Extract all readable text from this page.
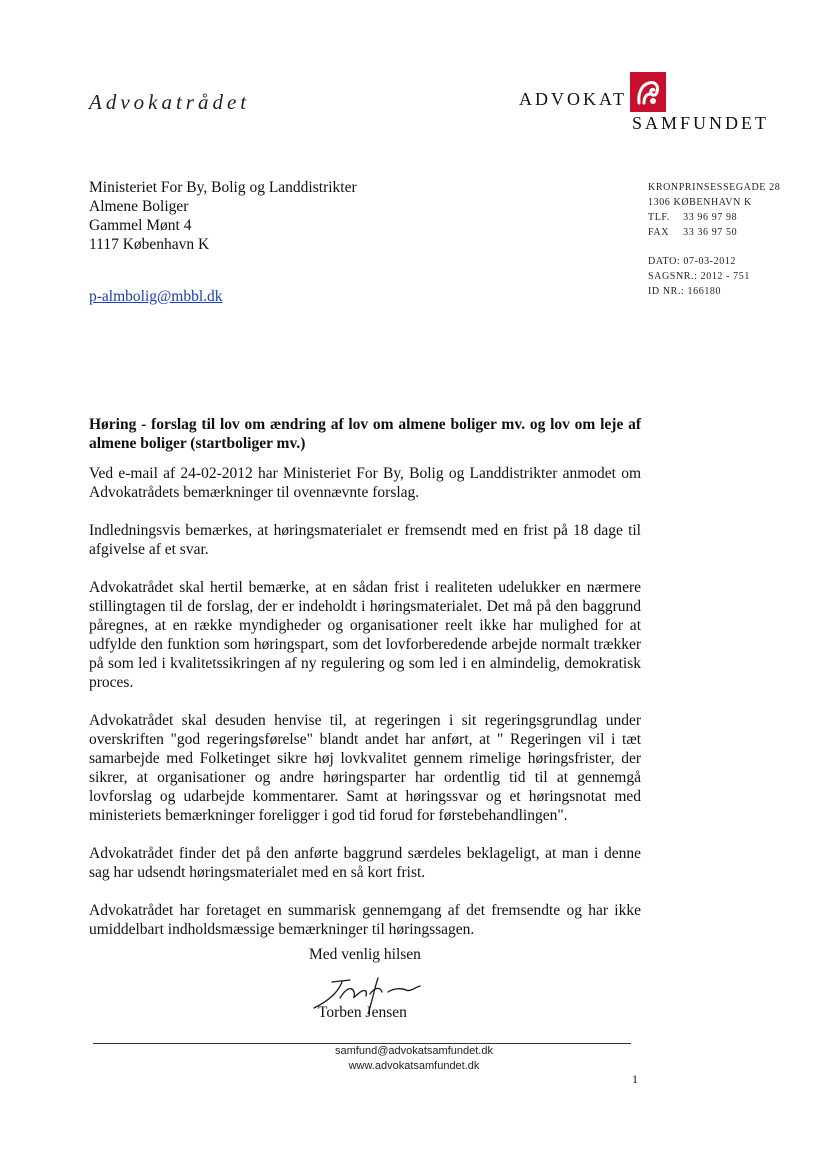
Advokatrådet	ADVOKAT
SAMFUNDET
Ministeriet For By, Bolig og Landdistrikter
Almene Boliger
Gammel Mønt 4
1117 København K
p-almbolig@mbbl.dk
KRONPRINSESSEGADE 28
1306 KØBENHAVN K
TLF. 33 96 97 98
FAX 33 36 97 50
DATO: 07-03-2012
SAGSNR.: 2012 - 751
ID NR.: 166180
Høring - forslag til lov om ændring af lov om almene boliger mv. og lov om leje af almene boliger (startboliger mv.)

Ved e-mail af 24-02-2012 har Ministeriet For By, Bolig og Landdistrikter anmodet om Advokatrådets bemærkninger til ovennævnte forslag.

Indledningsvis bemærkes, at høringsmaterialet er fremsendt med en frist på 18 dage til afgivelse af et svar.

Advokatrådet skal hertil bemærke, at en sådan frist i realiteten udelukker en nærmere stillingtagen til de forslag, der er indeholdt i høringsmaterialet. Det må på den baggrund påregnes, at en række myndigheder og organisationer reelt ikke har mulighed for at udfylde den funktion som høringspart, som det lovforberedende arbejde normalt trækker på som led i kvalitetssikringen af ny regulering og som led i en almindelig, demokratisk proces.

Advokatrådet skal desuden henvise til, at regeringen i sit regeringsgrundlag under overskriften "god regeringsførelse" blandt andet har anført, at " Regeringen vil i tæt samarbejde med Folketinget sikre høj lovkvalitet gennem rimelige høringsfrister, der sikrer, at organisationer og andre høringsparter har ordentlig tid til at gennemgå lovforslag og udarbejde kommentarer. Samt at høringssvar og et høringsnotat med ministeriets bemærkninger foreligger i god tid forud for førstebehandlingen".

Advokatrådet finder det på den anførte baggrund særdeles beklageligt, at man i denne sag har udsendt høringsmaterialet med en så kort frist.

Advokatrådet har foretaget en summarisk gennemgang af det fremsendte og har ikke umiddelbart indholdsmæssige bemærkninger til høringssagen.

Med venlig hilsen
Torben Jensen
samfund@advokatsamfundet.dk
www.advokatsamfundet.dk
1
